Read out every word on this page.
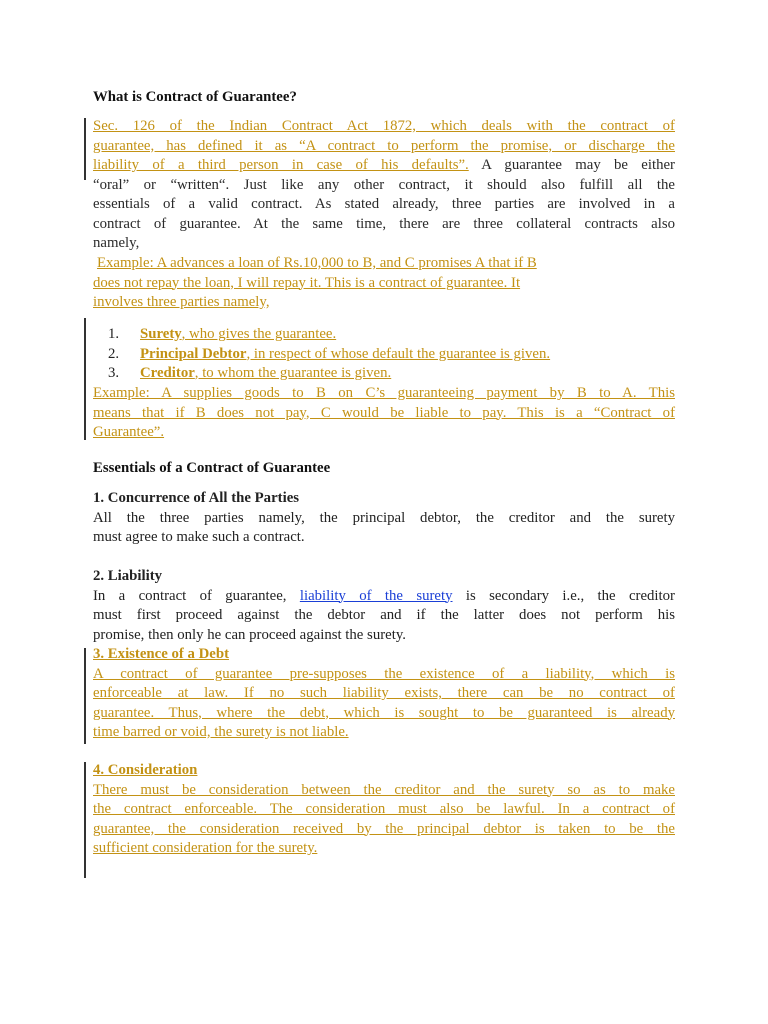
What is Contract of Guarantee?
Sec. 126 of the Indian Contract Act 1872, which deals with the contract of
guarantee, has defined it as “A contract to perform the promise, or discharge the
liability of a third person in case of his defaults”. A guarantee may be either
“oral” or “written“. Just like any other contract, it should also fulfill all the
essentials of a valid contract. As stated already, three parties are involved in a
contract of guarantee. At the same time, there are three collateral contracts also
namely,
Example: A advances a loan of Rs.10,000 to B, and C promises A that if B
does not repay the loan, I will repay it. This is a contract of guarantee. It
involves three parties namely,
1.	Surety, who gives the guarantee.
2.	Principal Debtor, in respect of whose default the guarantee is given.
3.	Creditor, to whom the guarantee is given.
Example: A supplies goods to B on C’s guaranteeing payment by B to A. This
means that if B does not pay, C would be liable to pay. This is a “Contract of
Guarantee”.
Essentials of a Contract of Guarantee
1. Concurrence of All the Parties
All the three parties namely, the principal debtor, the creditor and the surety
must agree to make such a contract.
2. Liability
In a contract of guarantee, liability of the surety is secondary i.e., the creditor
must first proceed against the debtor and if the latter does not perform his
promise, then only he can proceed against the surety.
3. Existence of a Debt
A contract of guarantee pre-supposes the existence of a liability, which is
enforceable at law. If no such liability exists, there can be no contract of
guarantee. Thus, where the debt, which is sought to be guaranteed is already
time barred or void, the surety is not liable.
4. Consideration
There must be consideration between the creditor and the surety so as to make
the contract enforceable. The consideration must also be lawful. In a contract of
guarantee, the consideration received by the principal debtor is taken to be the
sufficient consideration for the surety.
